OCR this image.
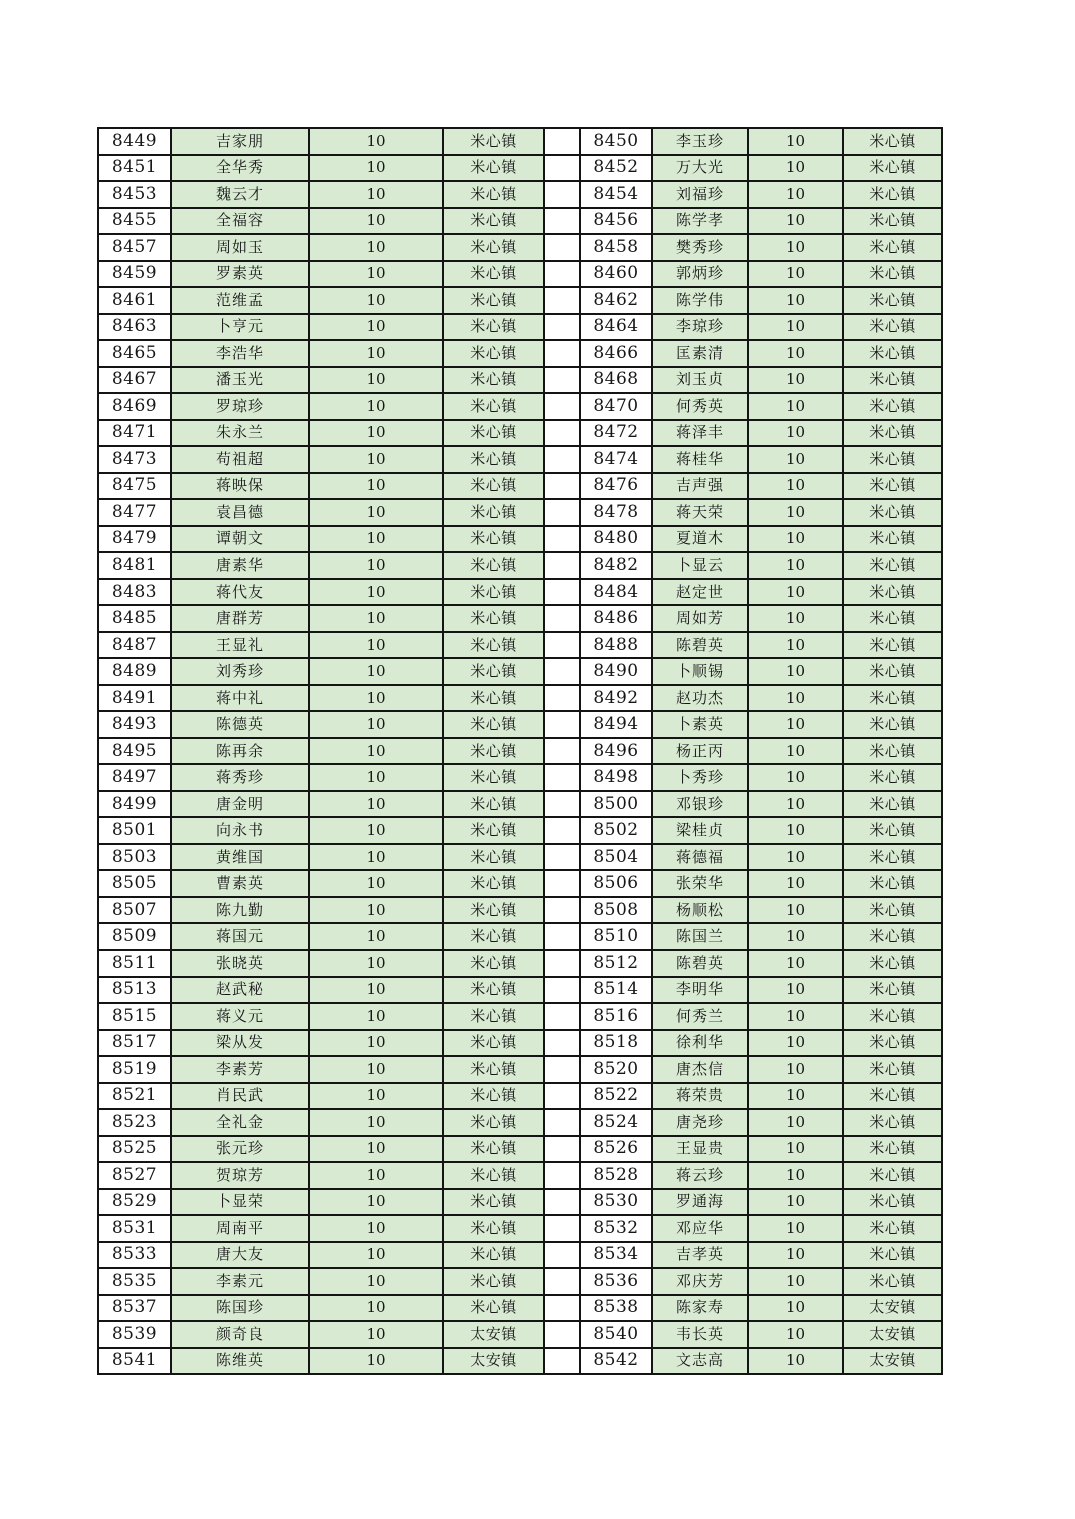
8449	吉家朋	10	米心镇	8450	李玉珍	10	米心镇
8451	全华秀	10	米心镇	8452	万大光	10	米心镇
8453	魏云才	10	米心镇	8454	刘福珍	10	米心镇
8455	全福容	10	米心镇	8456	陈学孝	10	米心镇
8457	周如玉	10	米心镇	8458	樊秀珍	10	米心镇
8459	罗素英	10	米心镇	8460	郭炳珍	10	米心镇
8461	范维孟	10	米心镇	8462	陈学伟	10	米心镇
8463	卜亨元	10	米心镇	8464	李琼珍	10	米心镇
8465	李浩华	10	米心镇	8466	匡素清	10	米心镇
8467	潘玉光	10	米心镇	8468	刘玉贞	10	米心镇
8469	罗琼珍	10	米心镇	8470	何秀英	10	米心镇
8471	朱永兰	10	米心镇	8472	蒋泽丰	10	米心镇
8473	苟祖超	10	米心镇	8474	蒋桂华	10	米心镇
8475	蒋映保	10	米心镇	8476	吉声强	10	米心镇
8477	袁昌德	10	米心镇	8478	蒋天荣	10	米心镇
8479	谭朝文	10	米心镇	8480	夏道木	10	米心镇
8481	唐素华	10	米心镇	8482	卜显云	10	米心镇
8483	蒋代友	10	米心镇	8484	赵定世	10	米心镇
8485	唐群芳	10	米心镇	8486	周如芳	10	米心镇
8487	王显礼	10	米心镇	8488	陈碧英	10	米心镇
8489	刘秀珍	10	米心镇	8490	卜顺锡	10	米心镇
8491	蒋中礼	10	米心镇	8492	赵功杰	10	米心镇
8493	陈德英	10	米心镇	8494	卜素英	10	米心镇
8495	陈再余	10	米心镇	8496	杨正丙	10	米心镇
8497	蒋秀珍	10	米心镇	8498	卜秀珍	10	米心镇
8499	唐金明	10	米心镇	8500	邓银珍	10	米心镇
8501	向永书	10	米心镇	8502	梁桂贞	10	米心镇
8503	黄维国	10	米心镇	8504	蒋德福	10	米心镇
8505	曹素英	10	米心镇	8506	张荣华	10	米心镇
8507	陈九勤	10	米心镇	8508	杨顺松	10	米心镇
8509	蒋国元	10	米心镇	8510	陈国兰	10	米心镇
8511	张晓英	10	米心镇	8512	陈碧英	10	米心镇
8513	赵武秘	10	米心镇	8514	李明华	10	米心镇
8515	蒋义元	10	米心镇	8516	何秀兰	10	米心镇
8517	梁从发	10	米心镇	8518	徐利华	10	米心镇
8519	李素芳	10	米心镇	8520	唐杰信	10	米心镇
8521	肖民武	10	米心镇	8522	蒋荣贵	10	米心镇
8523	全礼金	10	米心镇	8524	唐尧珍	10	米心镇
8525	张元珍	10	米心镇	8526	王显贵	10	米心镇
8527	贺琼芳	10	米心镇	8528	蒋云珍	10	米心镇
8529	卜显荣	10	米心镇	8530	罗通海	10	米心镇
8531	周南平	10	米心镇	8532	邓应华	10	米心镇
8533	唐大友	10	米心镇	8534	吉孝英	10	米心镇
8535	李素元	10	米心镇	8536	邓庆芳	10	米心镇
8537	陈国珍	10	米心镇	8538	陈家寿	10	太安镇
8539	颜奇良	10	太安镇	8540	韦长英	10	太安镇
8541	陈维英	10	太安镇	8542	文志高	10	太安镇
